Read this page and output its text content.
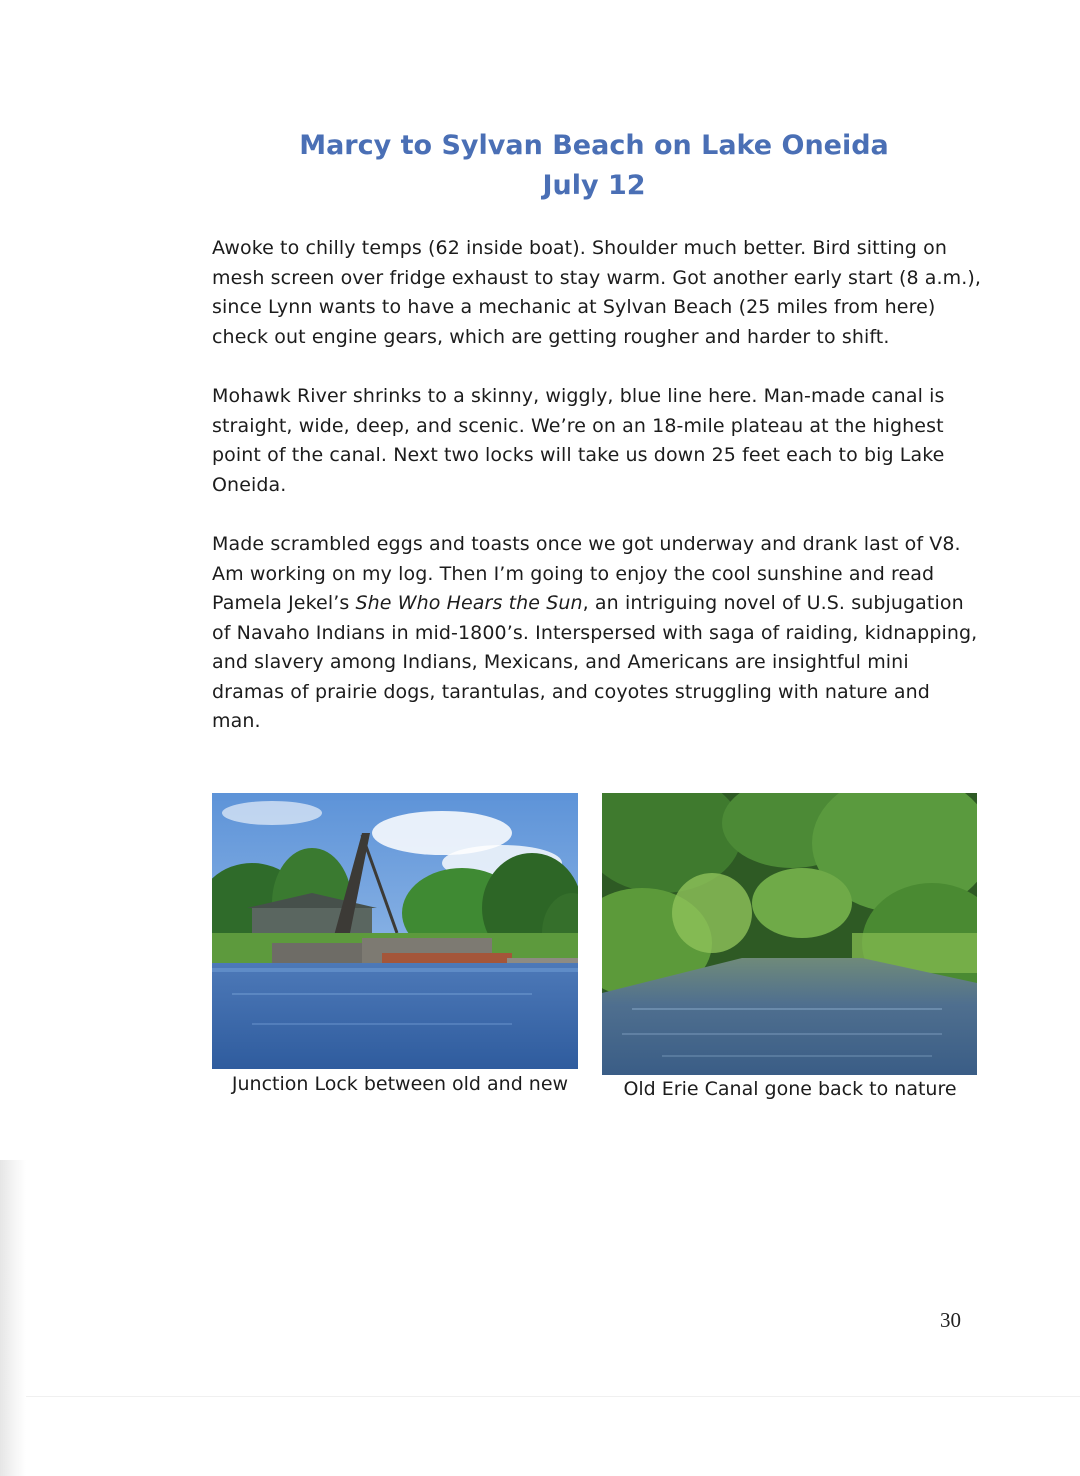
Marcy to Sylvan Beach on Lake Oneida
July 12
Awoke to chilly temps (62 inside boat). Shoulder much better. Bird sitting on mesh screen over fridge exhaust to stay warm. Got another early start (8 a.m.), since Lynn wants to have a mechanic at Sylvan Beach (25 miles from here) check out engine gears, which are getting rougher and harder to shift.
Mohawk River shrinks to a skinny, wiggly, blue line here. Man-made canal is straight, wide, deep, and scenic. We’re on an 18-mile plateau at the highest point of the canal. Next two locks will take us down 25 feet each to big Lake Oneida.
Made scrambled eggs and toasts once we got underway and drank last of V8. Am working on my log. Then I’m going to enjoy the cool sunshine and read Pamela Jekel’s She Who Hears the Sun, an intriguing novel of U.S. subjugation of Navaho Indians in mid-1800’s. Interspersed with saga of raiding, kidnapping, and slavery among Indians, Mexicans, and Americans are insightful mini dramas of prairie dogs, tarantulas, and coyotes struggling with nature and man.
Junction Lock between old and new	Old Erie Canal gone back to nature
30
